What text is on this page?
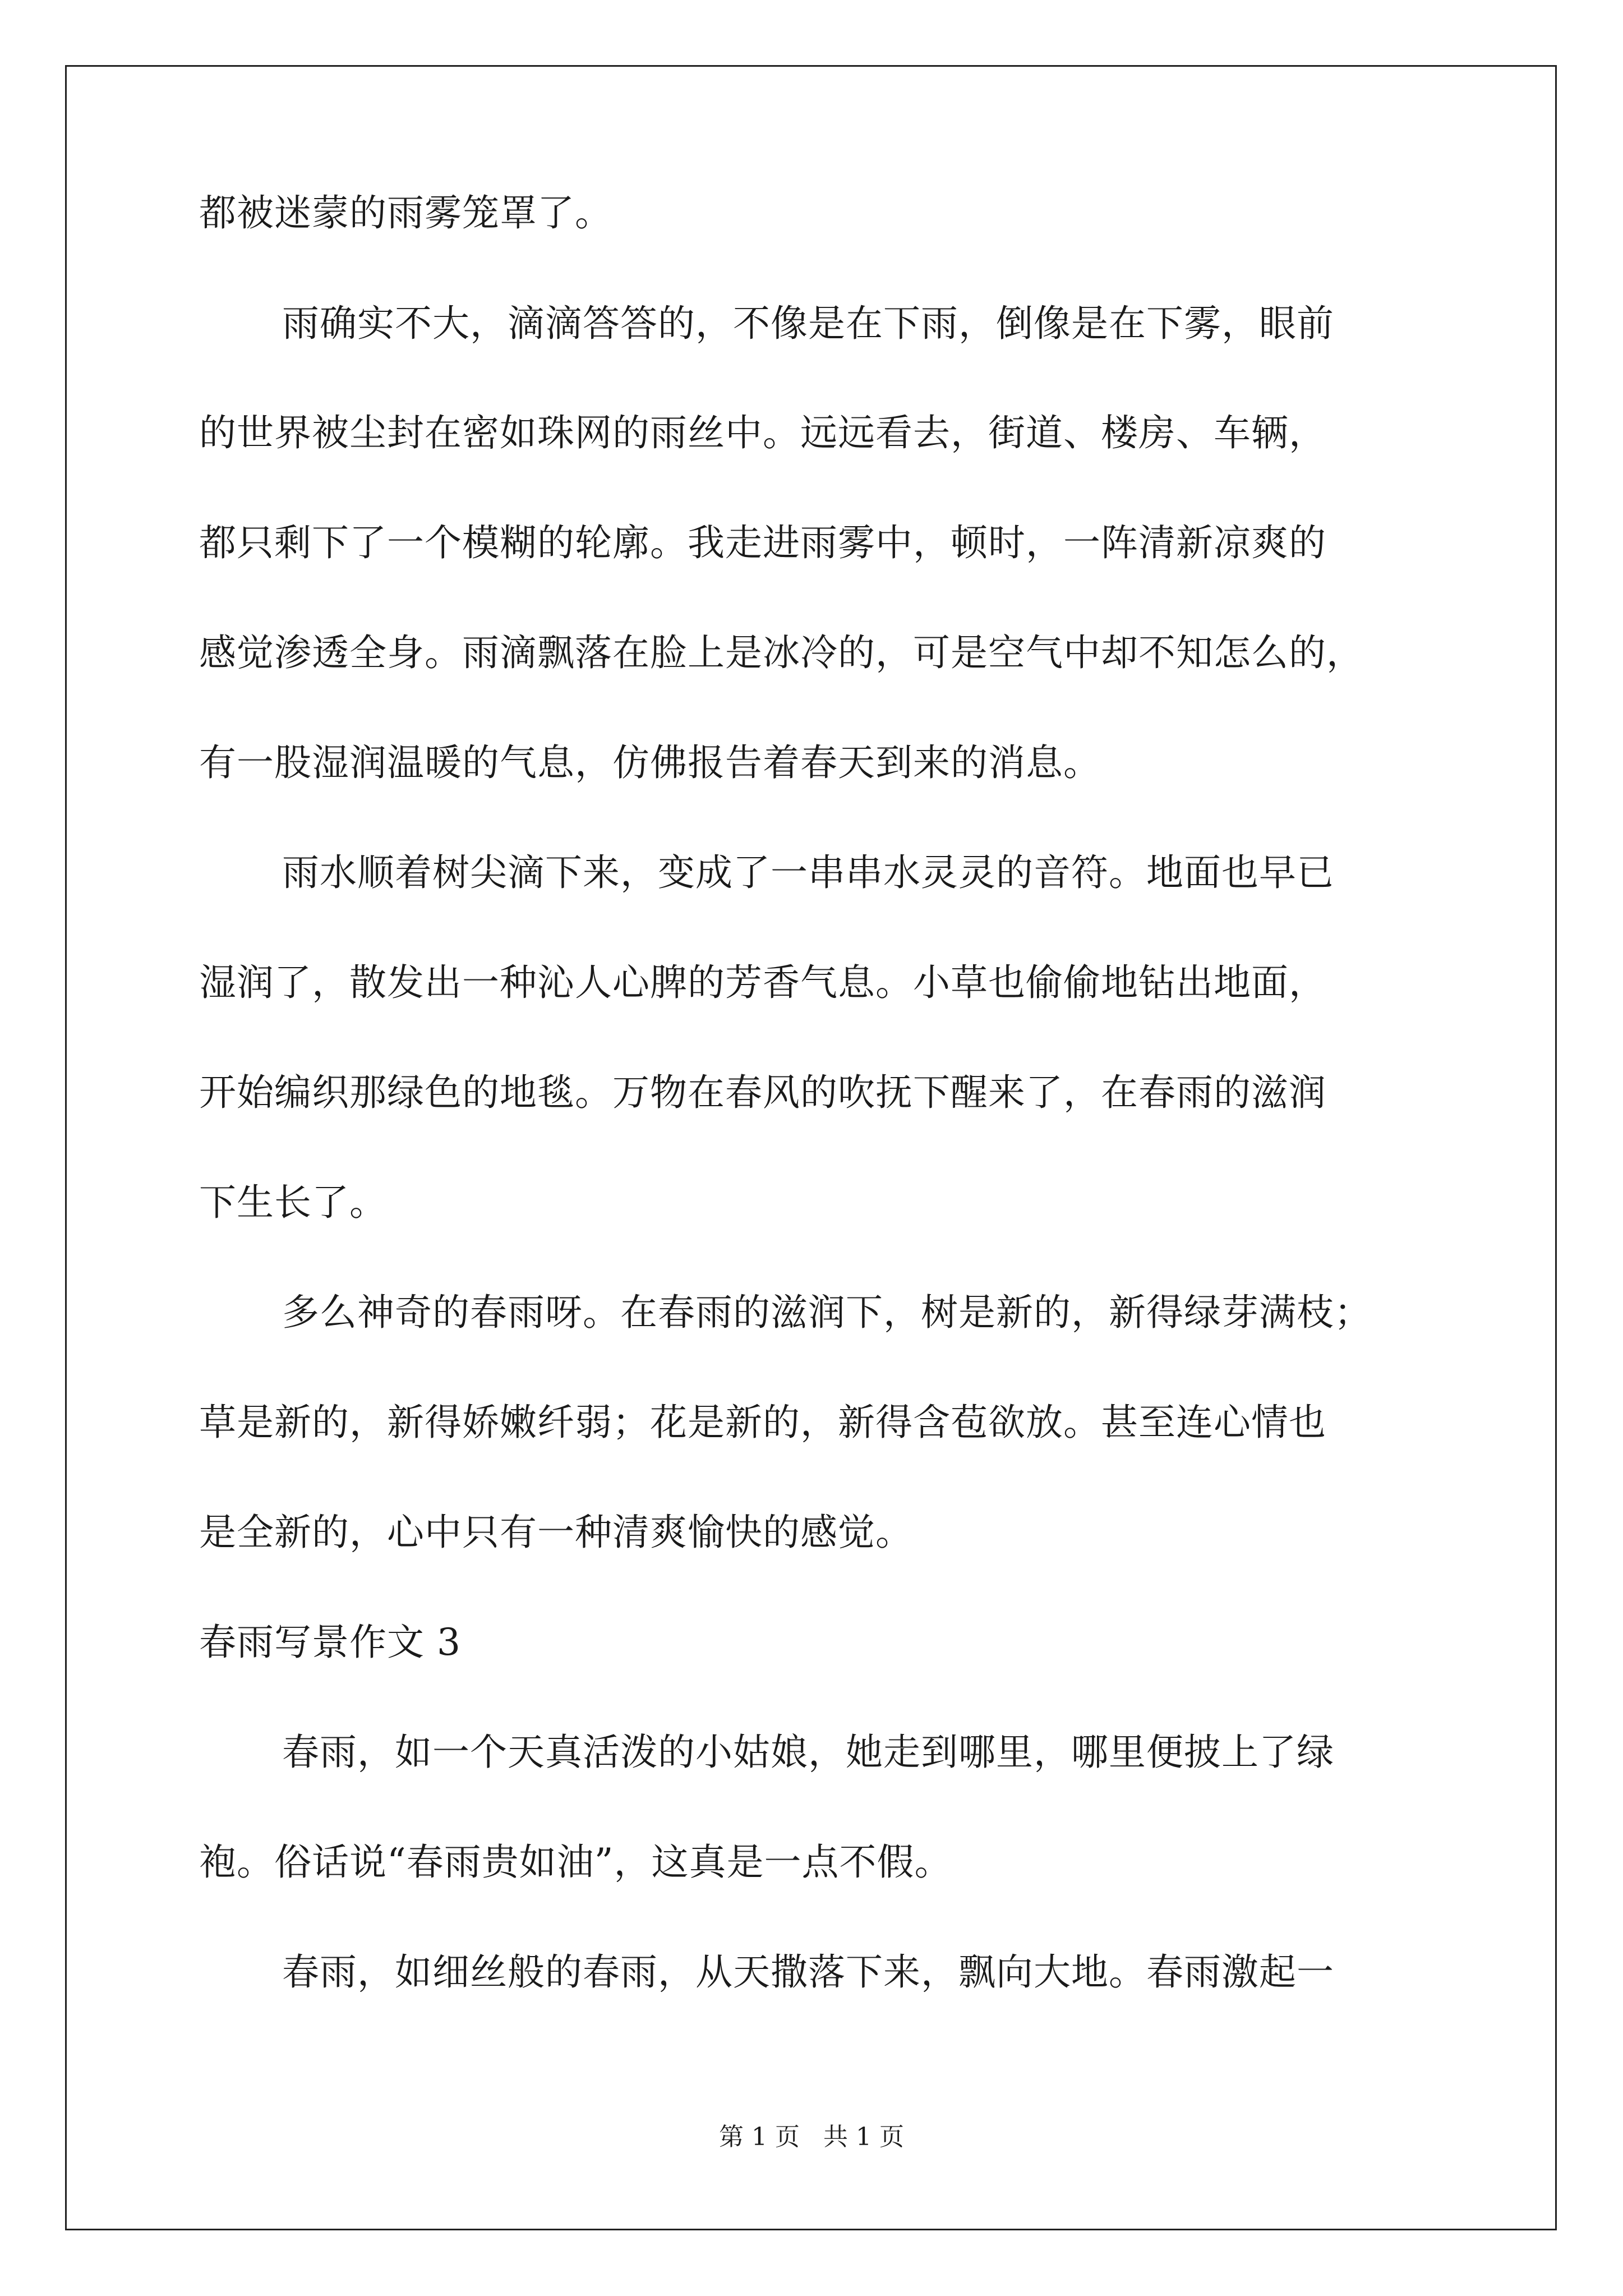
都被迷蒙的雨雾笼罩了。
雨确实不大，滴滴答答的，不像是在下雨，倒像是在下雾，眼前
的世界被尘封在密如珠网的雨丝中。远远看去，街道、楼房、车辆，
都只剩下了一个模糊的轮廓。我走进雨雾中，顿时，一阵清新凉爽的
感觉渗透全身。雨滴飘落在脸上是冰冷的，可是空气中却不知怎么的，
有一股湿润温暖的气息，仿佛报告着春天到来的消息。
雨水顺着树尖滴下来，变成了一串串水灵灵的音符。地面也早已
湿润了，散发出一种沁人心脾的芳香气息。小草也偷偷地钻出地面，
开始编织那绿色的地毯。万物在春风的吹抚下醒来了，在春雨的滋润
下生长了。
多么神奇的春雨呀。在春雨的滋润下，树是新的，新得绿芽满枝；
草是新的，新得娇嫩纤弱；花是新的，新得含苞欲放。甚至连心情也
是全新的，心中只有一种清爽愉快的感觉。
春雨写景作文 3
春雨，如一个天真活泼的小姑娘，她走到哪里，哪里便披上了绿
袍。俗话说“春雨贵如油”，这真是一点不假。
春雨，如细丝般的春雨，从天撒落下来，飘向大地。春雨激起一
第 1 页   共 1 页
